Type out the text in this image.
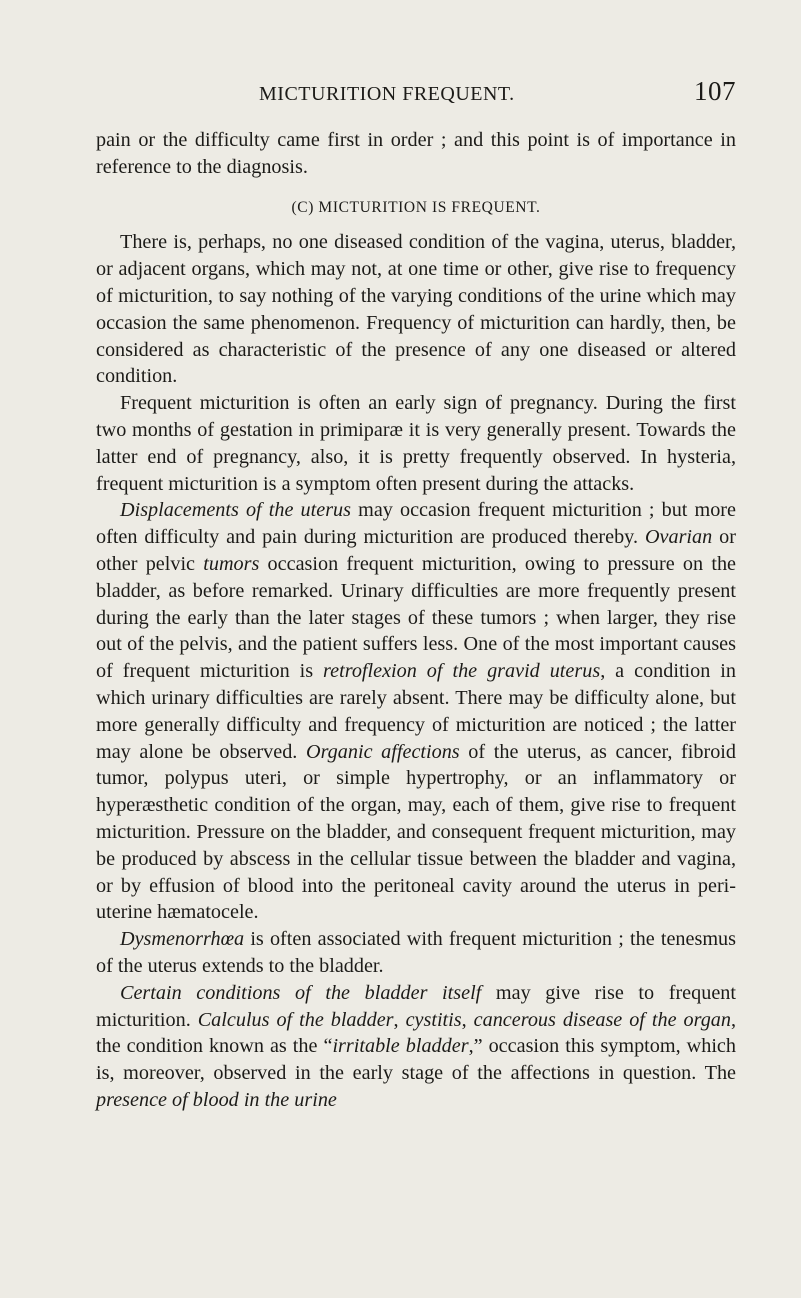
MICTURITION FREQUENT.	107

pain or the difficulty came first in order ; and this point is of importance in reference to the diagnosis.

(C) MICTURITION IS FREQUENT.

There is, perhaps, no one diseased condition of the vagina, uterus, bladder, or adjacent organs, which may not, at one time or other, give rise to frequency of micturition, to say nothing of the varying conditions of the urine which may occasion the same phenomenon. Frequency of micturition can hardly, then, be considered as characteristic of the presence of any one diseased or altered condition.

Frequent micturition is often an early sign of pregnancy. During the first two months of gestation in primiparæ it is very generally present. Towards the latter end of pregnancy, also, it is pretty frequently observed. In hysteria, frequent micturition is a symptom often present during the attacks.

Displacements of the uterus may occasion frequent micturition ; but more often difficulty and pain during micturition are produced thereby. Ovarian or other pelvic tumors occasion frequent micturition, owing to pressure on the bladder, as before remarked. Urinary difficulties are more frequently present during the early than the later stages of these tumors ; when larger, they rise out of the pelvis, and the patient suffers less. One of the most important causes of frequent micturition is retroflexion of the gravid uterus, a condition in which urinary difficulties are rarely absent. There may be difficulty alone, but more generally difficulty and frequency of micturition are noticed ; the latter may alone be observed. Organic affections of the uterus, as cancer, fibroid tumor, polypus uteri, or simple hypertrophy, or an inflammatory or hyperæsthetic condition of the organ, may, each of them, give rise to frequent micturition. Pressure on the bladder, and consequent frequent micturition, may be produced by abscess in the cellular tissue between the bladder and vagina, or by effusion of blood into the peritoneal cavity around the uterus in peri-uterine hæmatocele.

Dysmenorrhœa is often associated with frequent micturition ; the tenesmus of the uterus extends to the bladder.

Certain conditions of the bladder itself may give rise to frequent micturition. Calculus of the bladder, cystitis, cancerous disease of the organ, the condition known as the “irritable bladder,” occasion this symptom, which is, moreover, observed in the early stage of the affections in question. The presence of blood in the urine
